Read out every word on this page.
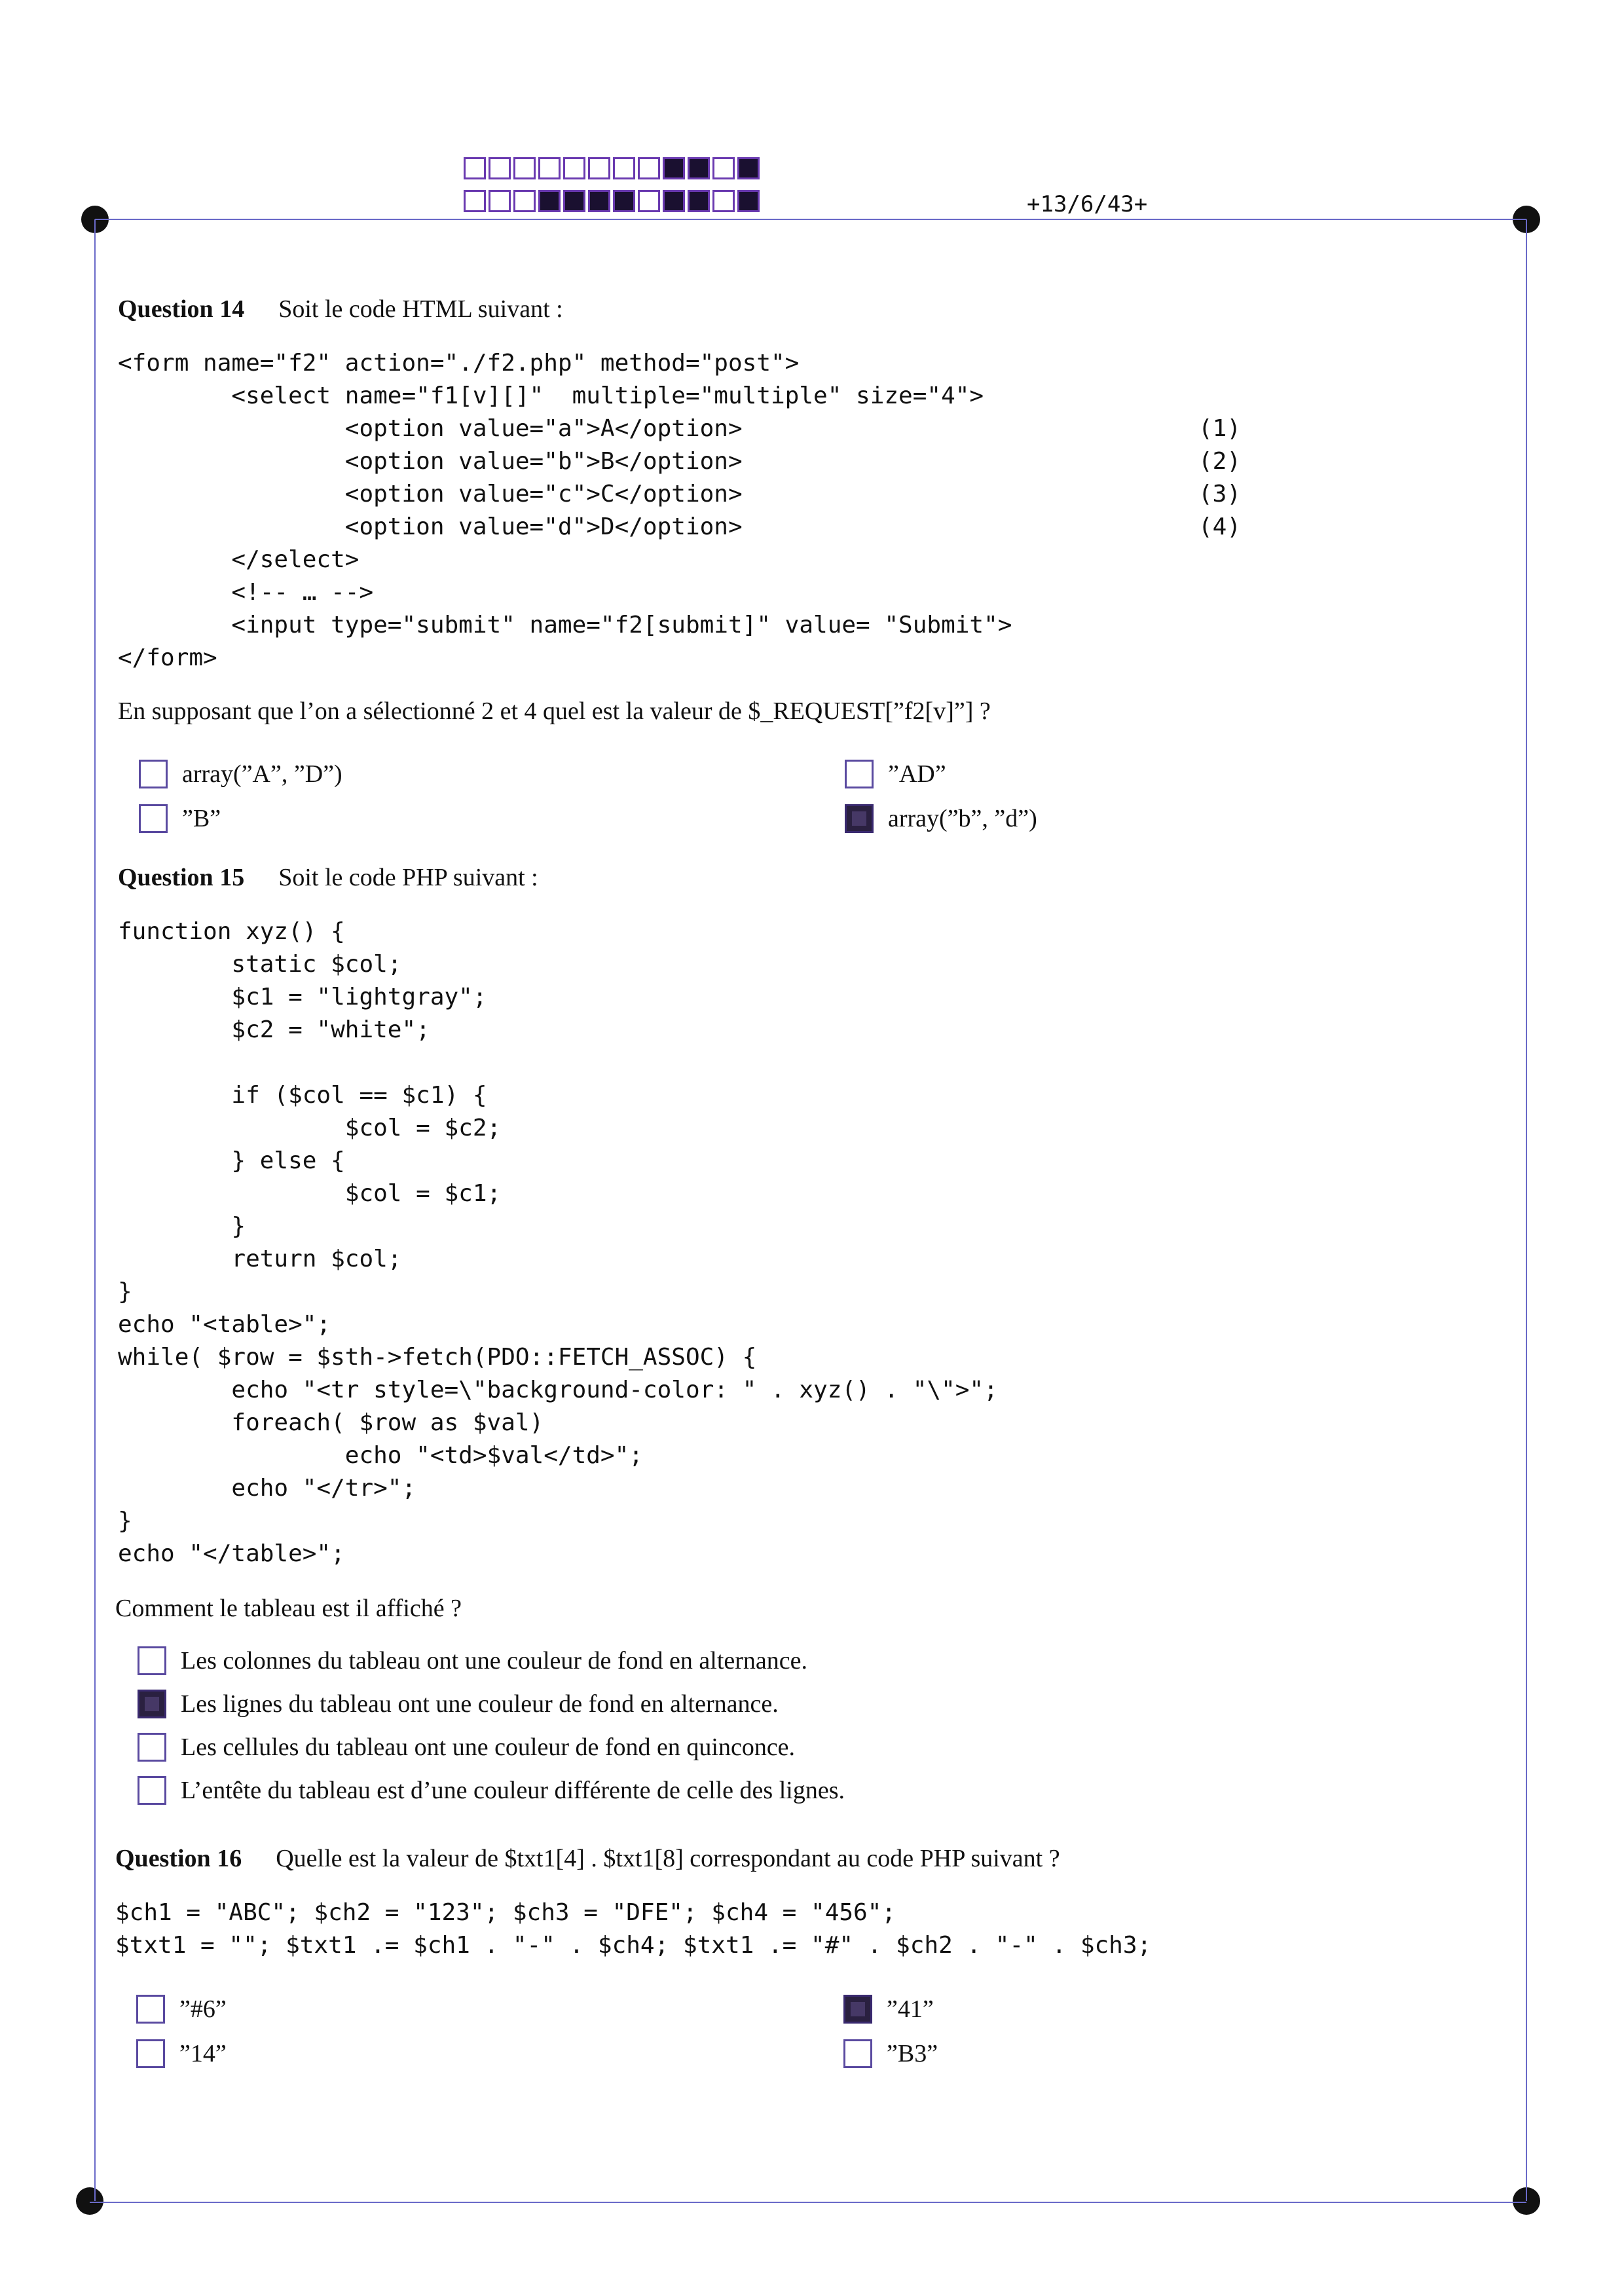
+13/6/43+
Question 14 Soit le code HTML suivant :
<form name="f2" action="./f2.php" method="post">
<select name="f1[v][]"  multiple="multiple" size="4">
<option value="a">A</option>
<option value="b">B</option>
<option value="c">C</option>
<option value="d">D</option>
</select>
<!-- … -->
<input type="submit" name="f2[submit]" value= "Submit">
</form>

(1)
(2)
(3)
(4)
En supposant que l’on a sélectionné 2 et 4 quel est la valeur de $_REQUEST[”f2[v]”] ?
array(”A”, ”D”)	”AD”
”B”	array(”b”, ”d”)
Question 15 Soit le code PHP suivant :
function xyz() {
static $col;
$c1 = "lightgray";
$c2 = "white";

if ($col == $c1) {
$col = $c2;
} else {
$col = $c1;
}
return $col;
}
echo "<table>";
while( $row = $sth->fetch(PDO::FETCH_ASSOC) {
echo "<tr style=\"background-color: " . xyz() . "\">";
foreach( $row as $val)
echo "<td>$val</td>";
echo "</tr>";
}
echo "</table>";
Comment le tableau est il affiché ?
Les colonnes du tableau ont une couleur de fond en alternance.
Les lignes du tableau ont une couleur de fond en alternance.
Les cellules du tableau ont une couleur de fond en quinconce.
L’entête du tableau est d’une couleur différente de celle des lignes.
Question 16 Quelle est la valeur de $txt1[4] . $txt1[8] correspondant au code PHP suivant ?
$ch1 = "ABC"; $ch2 = "123"; $ch3 = "DFE"; $ch4 = "456";
$txt1 = ""; $txt1 .= $ch1 . "-" . $ch4; $txt1 .= "#" . $ch2 . "-" . $ch3;
”#6”	”41”
”14”	”B3”
